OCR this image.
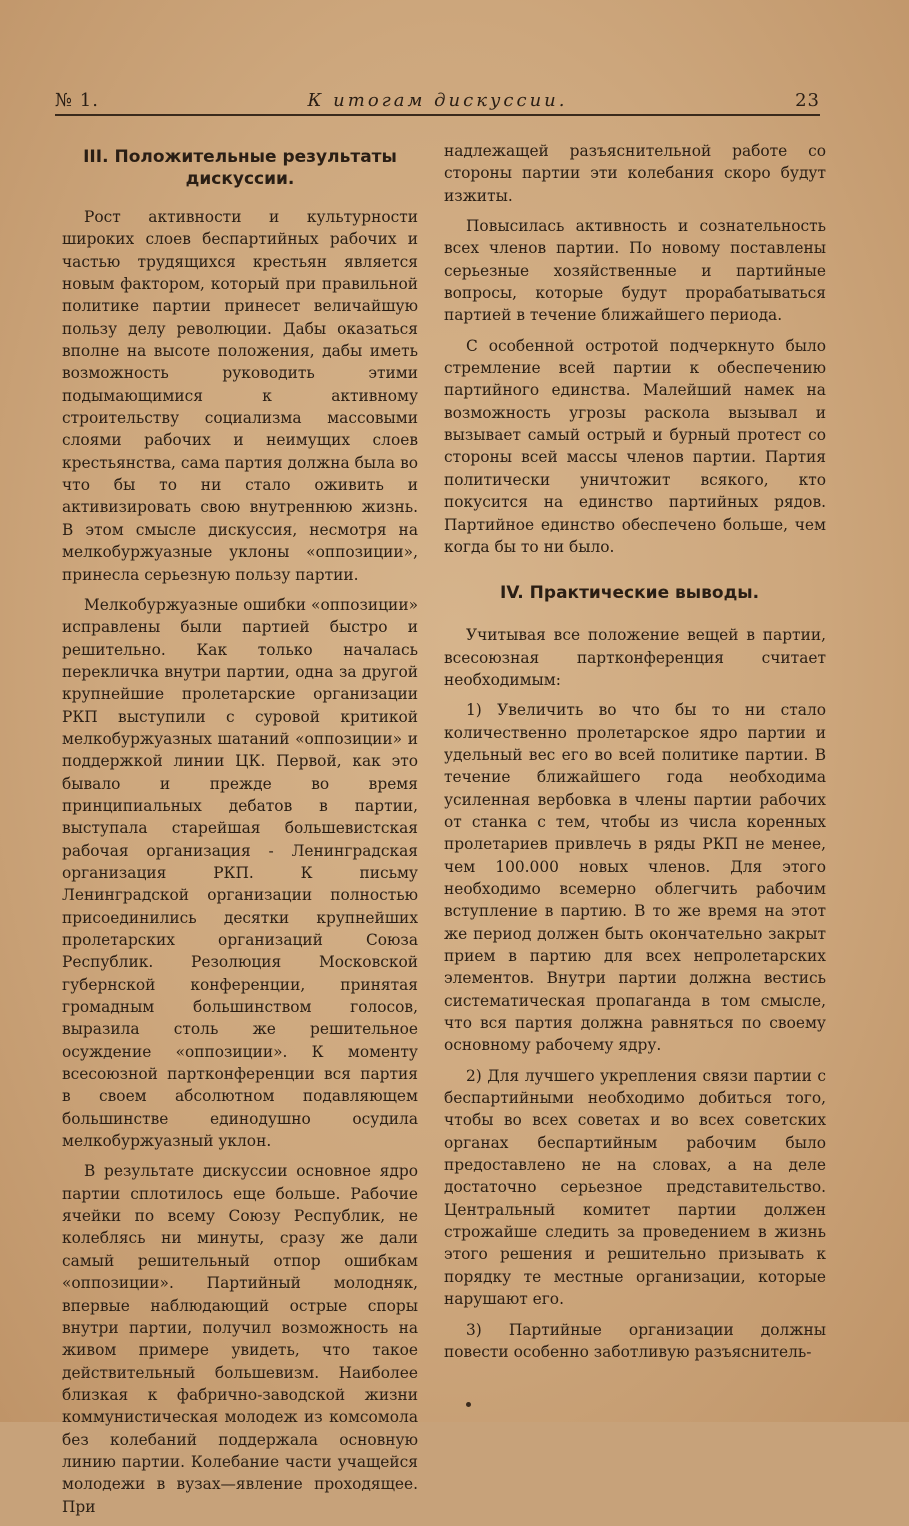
№ 1.	К итогам дискуссии.	23
III. Положительные результаты дискуссии.

Рост активности и культурности широких слоев беспартийных рабочих и частью трудящихся крестьян является новым фактором, который при правильной политике партии принесет величайшую пользу делу революции. Дабы оказаться вполне на высоте положения, дабы иметь возможность руководить этими подымающимися к активному строительству социализма массовыми слоями рабочих и неимущих слоев крестьянства, сама партия должна была во что бы то ни стало оживить и активизировать свою внутреннюю жизнь. В этом смысле дискуссия, несмотря на мелкобуржуазные уклоны «оппозиции», принесла серьезную пользу партии.

Мелкобуржуазные ошибки «оппозиции» исправлены были партией быстро и решительно. Как только началась перекличка внутри партии, одна за другой крупнейшие пролетарские организации РКП выступили с суровой критикой мелкобуржуазных шатаний «оппозиции» и поддержкой линии ЦК. Первой, как это бывало и прежде во время принципиальных дебатов в партии, выступала старейшая большевистская рабочая организация - Ленинградская организация РКП. К письму Ленинградской организации полностью присоединились десятки крупнейших пролетарских организаций Союза Республик. Резолюция Московской губернской конференции, принятая громадным большинством голосов, выразила столь же решительное осуждение «оппозиции». К моменту всесоюзной партконференции вся партия в своем абсолютном подавляющем большинстве единодушно осудила мелкобуржуазный уклон.

В результате дискуссии основное ядро партии сплотилось еще больше. Рабочие ячейки по всему Союзу Республик, не колеблясь ни минуты, сразу же дали самый решительный отпор ошибкам «оппозиции». Партийный молодняк, впервые наблюдающий острые споры внутри партии, получил возможность на живом примере увидеть, что такое действительный большевизм. Наиболее близкая к фабрично-заводской жизни коммунистическая молодеж из комсомола без колебаний поддержала основную линию партии. Колебание части учащейся молодежи в вузах—явление проходящее. При

надлежащей разъяснительной работе со стороны партии эти колебания скоро будут изжиты.

Повысилась активность и сознательность всех членов партии. По новому поставлены серьезные хозяйственные и партийные вопросы, которые будут прорабатываться партией в течение ближайшего периода.

С особенной остротой подчеркнуто было стремление всей партии к обеспечению партийного единства. Малейший намек на возможность угрозы раскола вызывал и вызывает самый острый и бурный протест со стороны всей массы членов партии. Партия политически уничтожит всякого, кто покусится на единство партийных рядов. Партийное единство обеспечено больше, чем когда бы то ни было.

IV. Практические выводы.

Учитывая все положение вещей в партии, всесоюзная партконференция считает необходимым:

1) Увеличить во что бы то ни стало количественно пролетарское ядро партии и удельный вес его во всей политике партии. В течение ближайшего года необходима усиленная вербовка в члены партии рабочих от станка с тем, чтобы из числа коренных пролетариев привлечь в ряды РКП не менее, чем 100.000 новых членов. Для этого необходимо всемерно облегчить рабочим вступление в партию. В то же время на этот же период должен быть окончательно закрыт прием в партию для всех непролетарских элементов. Внутри партии должна вестись систематическая пропаганда в том смысле, что вся партия должна равняться по своему основному рабочему ядру.

2) Для лучшего укрепления связи партии с беспартийными необходимо добиться того, чтобы во всех советах и во всех советских органах беспартийным рабочим было предоставлено не на словах, а на деле достаточно серьезное представительство. Центральный комитет партии должен строжайше следить за проведением в жизнь этого решения и решительно призывать к порядку те местные организации, которые нарушают его.

3) Партийные организации должны повести особенно заботливую разъяснитель-
